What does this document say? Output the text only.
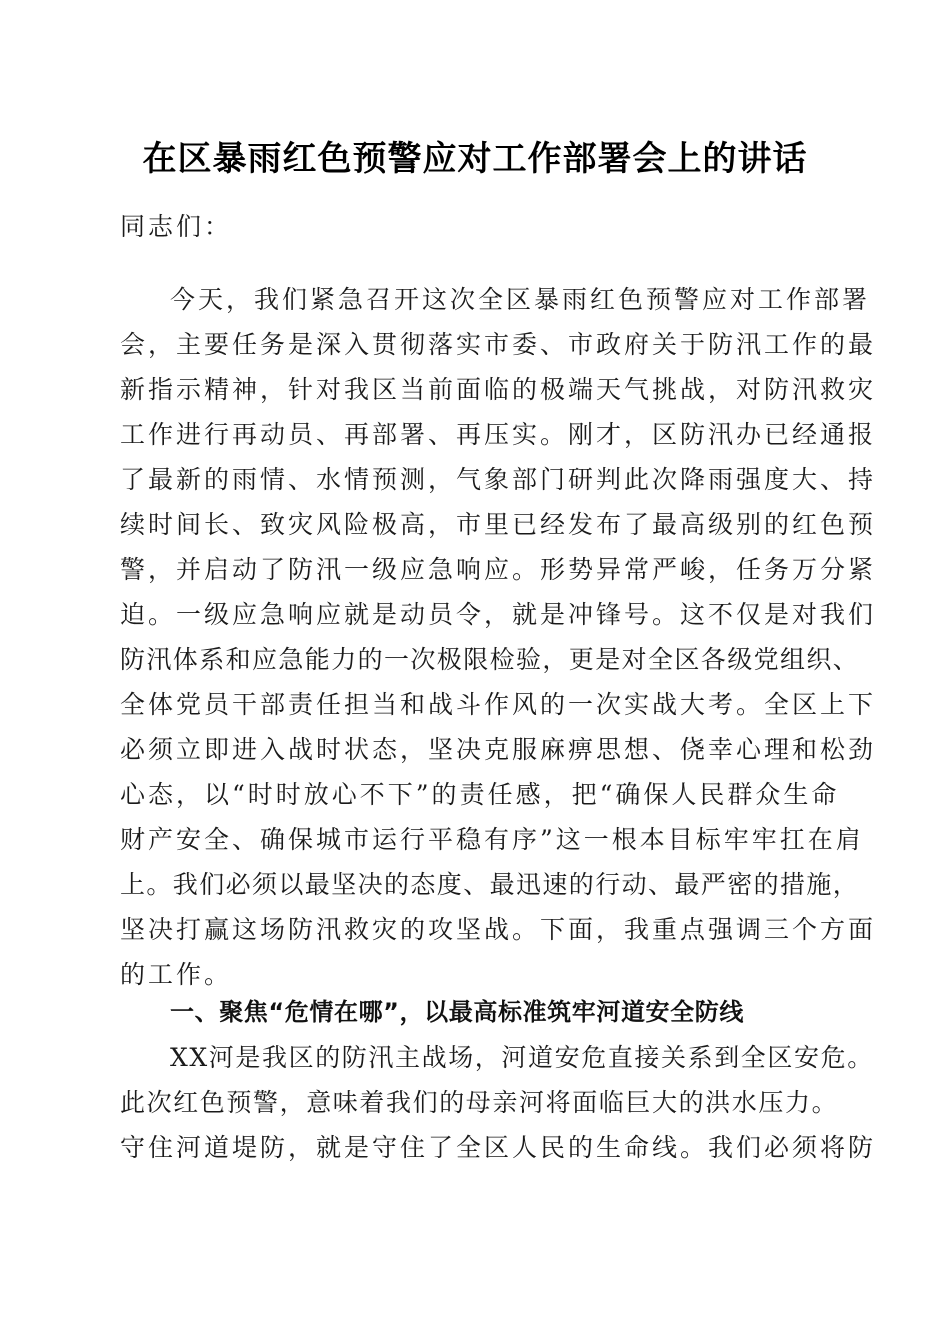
在区暴雨红色预警应对工作部署会上的讲话
同志们：
今天，我们紧急召开这次全区暴雨红色预警应对工作部署
会，主要任务是深入贯彻落实市委、市政府关于防汛工作的最
新指示精神，针对我区当前面临的极端天气挑战，对防汛救灾
工作进行再动员、再部署、再压实。刚才，区防汛办已经通报
了最新的雨情、水情预测，气象部门研判此次降雨强度大、持
续时间长、致灾风险极高，市里已经发布了最高级别的红色预
警，并启动了防汛一级应急响应。形势异常严峻，任务万分紧
迫。一级应急响应就是动员令，就是冲锋号。这不仅是对我们
防汛体系和应急能力的一次极限检验，更是对全区各级党组织、
全体党员干部责任担当和战斗作风的一次实战大考。全区上下
必须立即进入战时状态，坚决克服麻痹思想、侥幸心理和松劲
心态，以“时时放心不下”的责任感，把“确保人民群众生命
财产安全、确保城市运行平稳有序”这一根本目标牢牢扛在肩
上。我们必须以最坚决的态度、最迅速的行动、最严密的措施，
坚决打赢这场防汛救灾的攻坚战。下面，我重点强调三个方面
的工作。
一、聚焦“危情在哪”，以最高标准筑牢河道安全防线
XX河是我区的防汛主战场，河道安危直接关系到全区安危。
此次红色预警，意味着我们的母亲河将面临巨大的洪水压力。
守住河道堤防，就是守住了全区人民的生命线。我们必须将防
